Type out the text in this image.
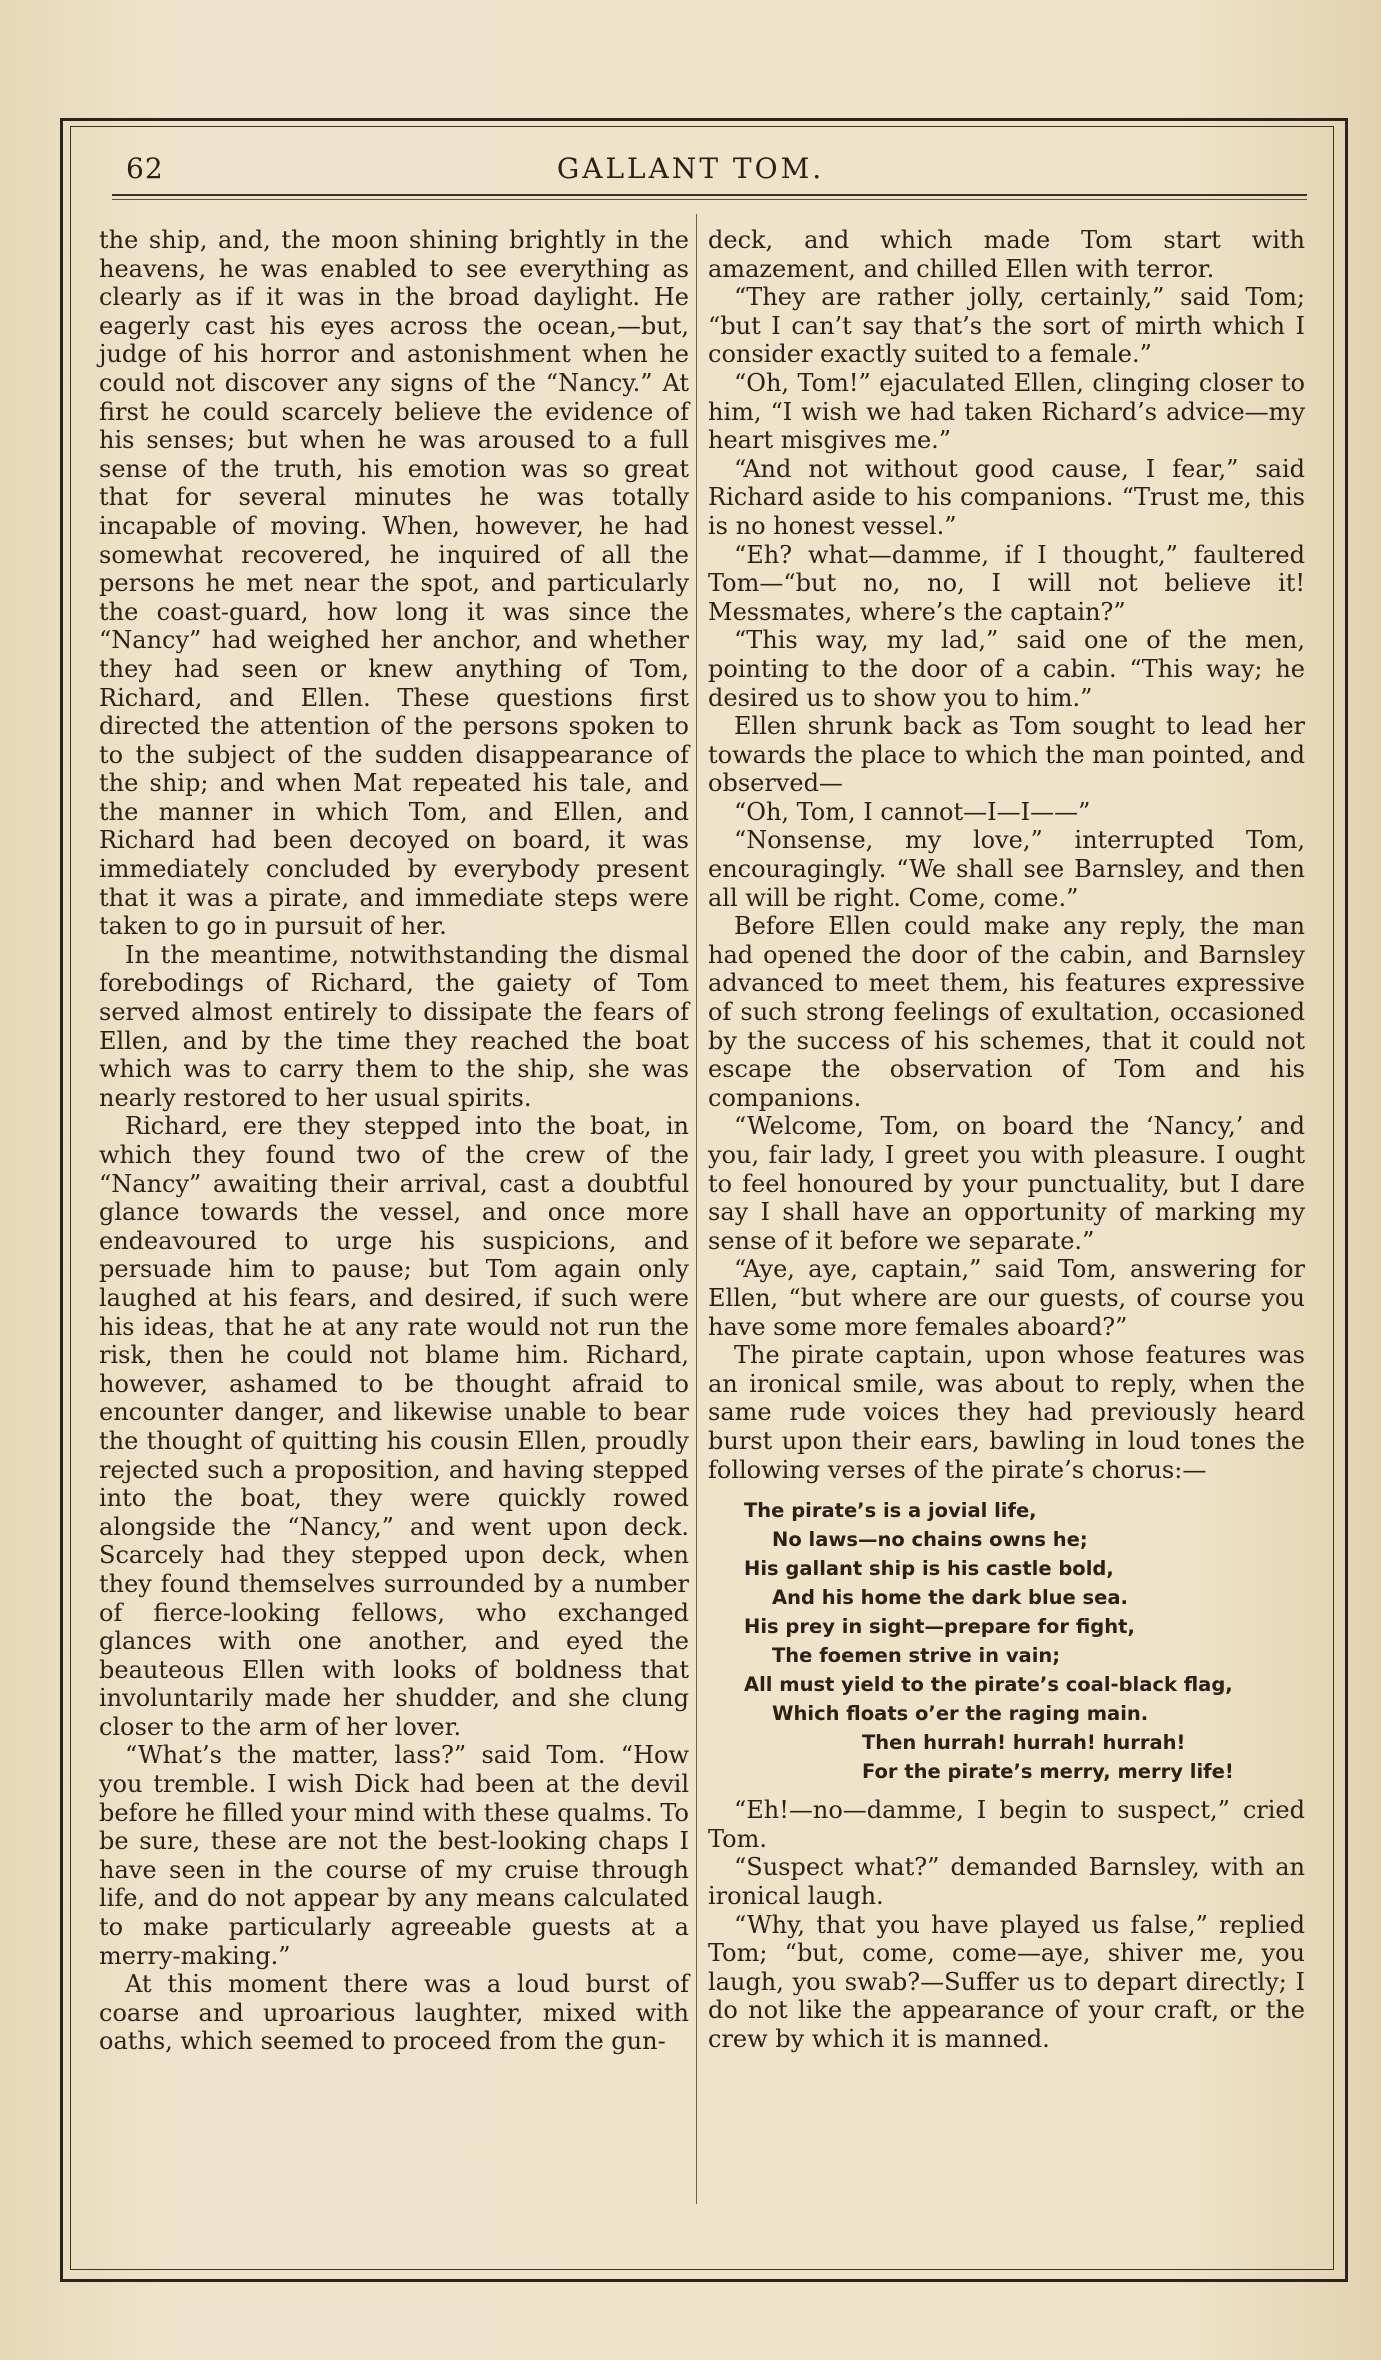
62	GALLANT TOM.

the ship, and, the moon shining brightly in the heavens, he was enabled to see everything as clearly as if it was in the broad daylight. He eagerly cast his eyes across the ocean,—but, judge of his horror and astonishment when he could not discover any signs of the “Nancy.” At first he could scarcely believe the evidence of his senses; but when he was aroused to a full sense of the truth, his emotion was so great that for several minutes he was totally incapable of moving. When, however, he had somewhat recovered, he inquired of all the persons he met near the spot, and particularly the coast-guard, how long it was since the “Nancy” had weighed her anchor, and whether they had seen or knew anything of Tom, Richard, and Ellen. These questions first directed the attention of the persons spoken to to the subject of the sudden disappearance of the ship; and when Mat repeated his tale, and the manner in which Tom, and Ellen, and Richard had been decoyed on board, it was immediately concluded by everybody present that it was a pirate, and immediate steps were taken to go in pursuit of her.

In the meantime, notwithstanding the dismal forebodings of Richard, the gaiety of Tom served almost entirely to dissipate the fears of Ellen, and by the time they reached the boat which was to carry them to the ship, she was nearly restored to her usual spirits.

Richard, ere they stepped into the boat, in which they found two of the crew of the “Nancy” awaiting their arrival, cast a doubtful glance towards the vessel, and once more endeavoured to urge his suspicions, and persuade him to pause; but Tom again only laughed at his fears, and desired, if such were his ideas, that he at any rate would not run the risk, then he could not blame him. Richard, however, ashamed to be thought afraid to encounter danger, and likewise unable to bear the thought of quitting his cousin Ellen, proudly rejected such a proposition, and having stepped into the boat, they were quickly rowed alongside the “Nancy,” and went upon deck. Scarcely had they stepped upon deck, when they found themselves surrounded by a number of fierce-looking fellows, who exchanged glances with one another, and eyed the beauteous Ellen with looks of boldness that involuntarily made her shudder, and she clung closer to the arm of her lover.

“What’s the matter, lass?” said Tom. “How you tremble. I wish Dick had been at the devil before he filled your mind with these qualms. To be sure, these are not the best-looking chaps I have seen in the course of my cruise through life, and do not appear by any means calculated to make particularly agreeable guests at a merry-making.”

At this moment there was a loud burst of coarse and uproarious laughter, mixed with oaths, which seemed to proceed from the gun-

deck, and which made Tom start with amazement, and chilled Ellen with terror.

“They are rather jolly, certainly,” said Tom; “but I can’t say that’s the sort of mirth which I consider exactly suited to a female.”

“Oh, Tom!” ejaculated Ellen, clinging closer to him, “I wish we had taken Richard’s advice—my heart misgives me.”

“And not without good cause, I fear,” said Richard aside to his companions. “Trust me, this is no honest vessel.”

“Eh? what—damme, if I thought,” faultered Tom—“but no, no, I will not believe it! Messmates, where’s the captain?”

“This way, my lad,” said one of the men, pointing to the door of a cabin. “This way; he desired us to show you to him.”

Ellen shrunk back as Tom sought to lead her towards the place to which the man pointed, and observed—

“Oh, Tom, I cannot—I—I——”

“Nonsense, my love,” interrupted Tom, encouragingly. “We shall see Barnsley, and then all will be right. Come, come.”

Before Ellen could make any reply, the man had opened the door of the cabin, and Barnsley advanced to meet them, his features expressive of such strong feelings of exultation, occasioned by the success of his schemes, that it could not escape the observation of Tom and his companions.

“Welcome, Tom, on board the ‘Nancy,’ and you, fair lady, I greet you with pleasure. I ought to feel honoured by your punctuality, but I dare say I shall have an opportunity of marking my sense of it before we separate.”

“Aye, aye, captain,” said Tom, answering for Ellen, “but where are our guests, of course you have some more females aboard?”

The pirate captain, upon whose features was an ironical smile, was about to reply, when the same rude voices they had previously heard burst upon their ears, bawling in loud tones the following verses of the pirate’s chorus:—

The pirate’s is a jovial life,
No laws—no chains owns he;
His gallant ship is his castle bold,
And his home the dark blue sea.
His prey in sight—prepare for fight,
The foemen strive in vain;
All must yield to the pirate’s coal-black flag,
Which floats o’er the raging main.
Then hurrah! hurrah! hurrah!
For the pirate’s merry, merry life!

“Eh!—no—damme, I begin to suspect,” cried Tom.

“Suspect what?” demanded Barnsley, with an ironical laugh.

“Why, that you have played us false,” replied Tom; “but, come, come—aye, shiver me, you laugh, you swab?—Suffer us to depart directly; I do not like the appearance of your craft, or the crew by which it is manned.
